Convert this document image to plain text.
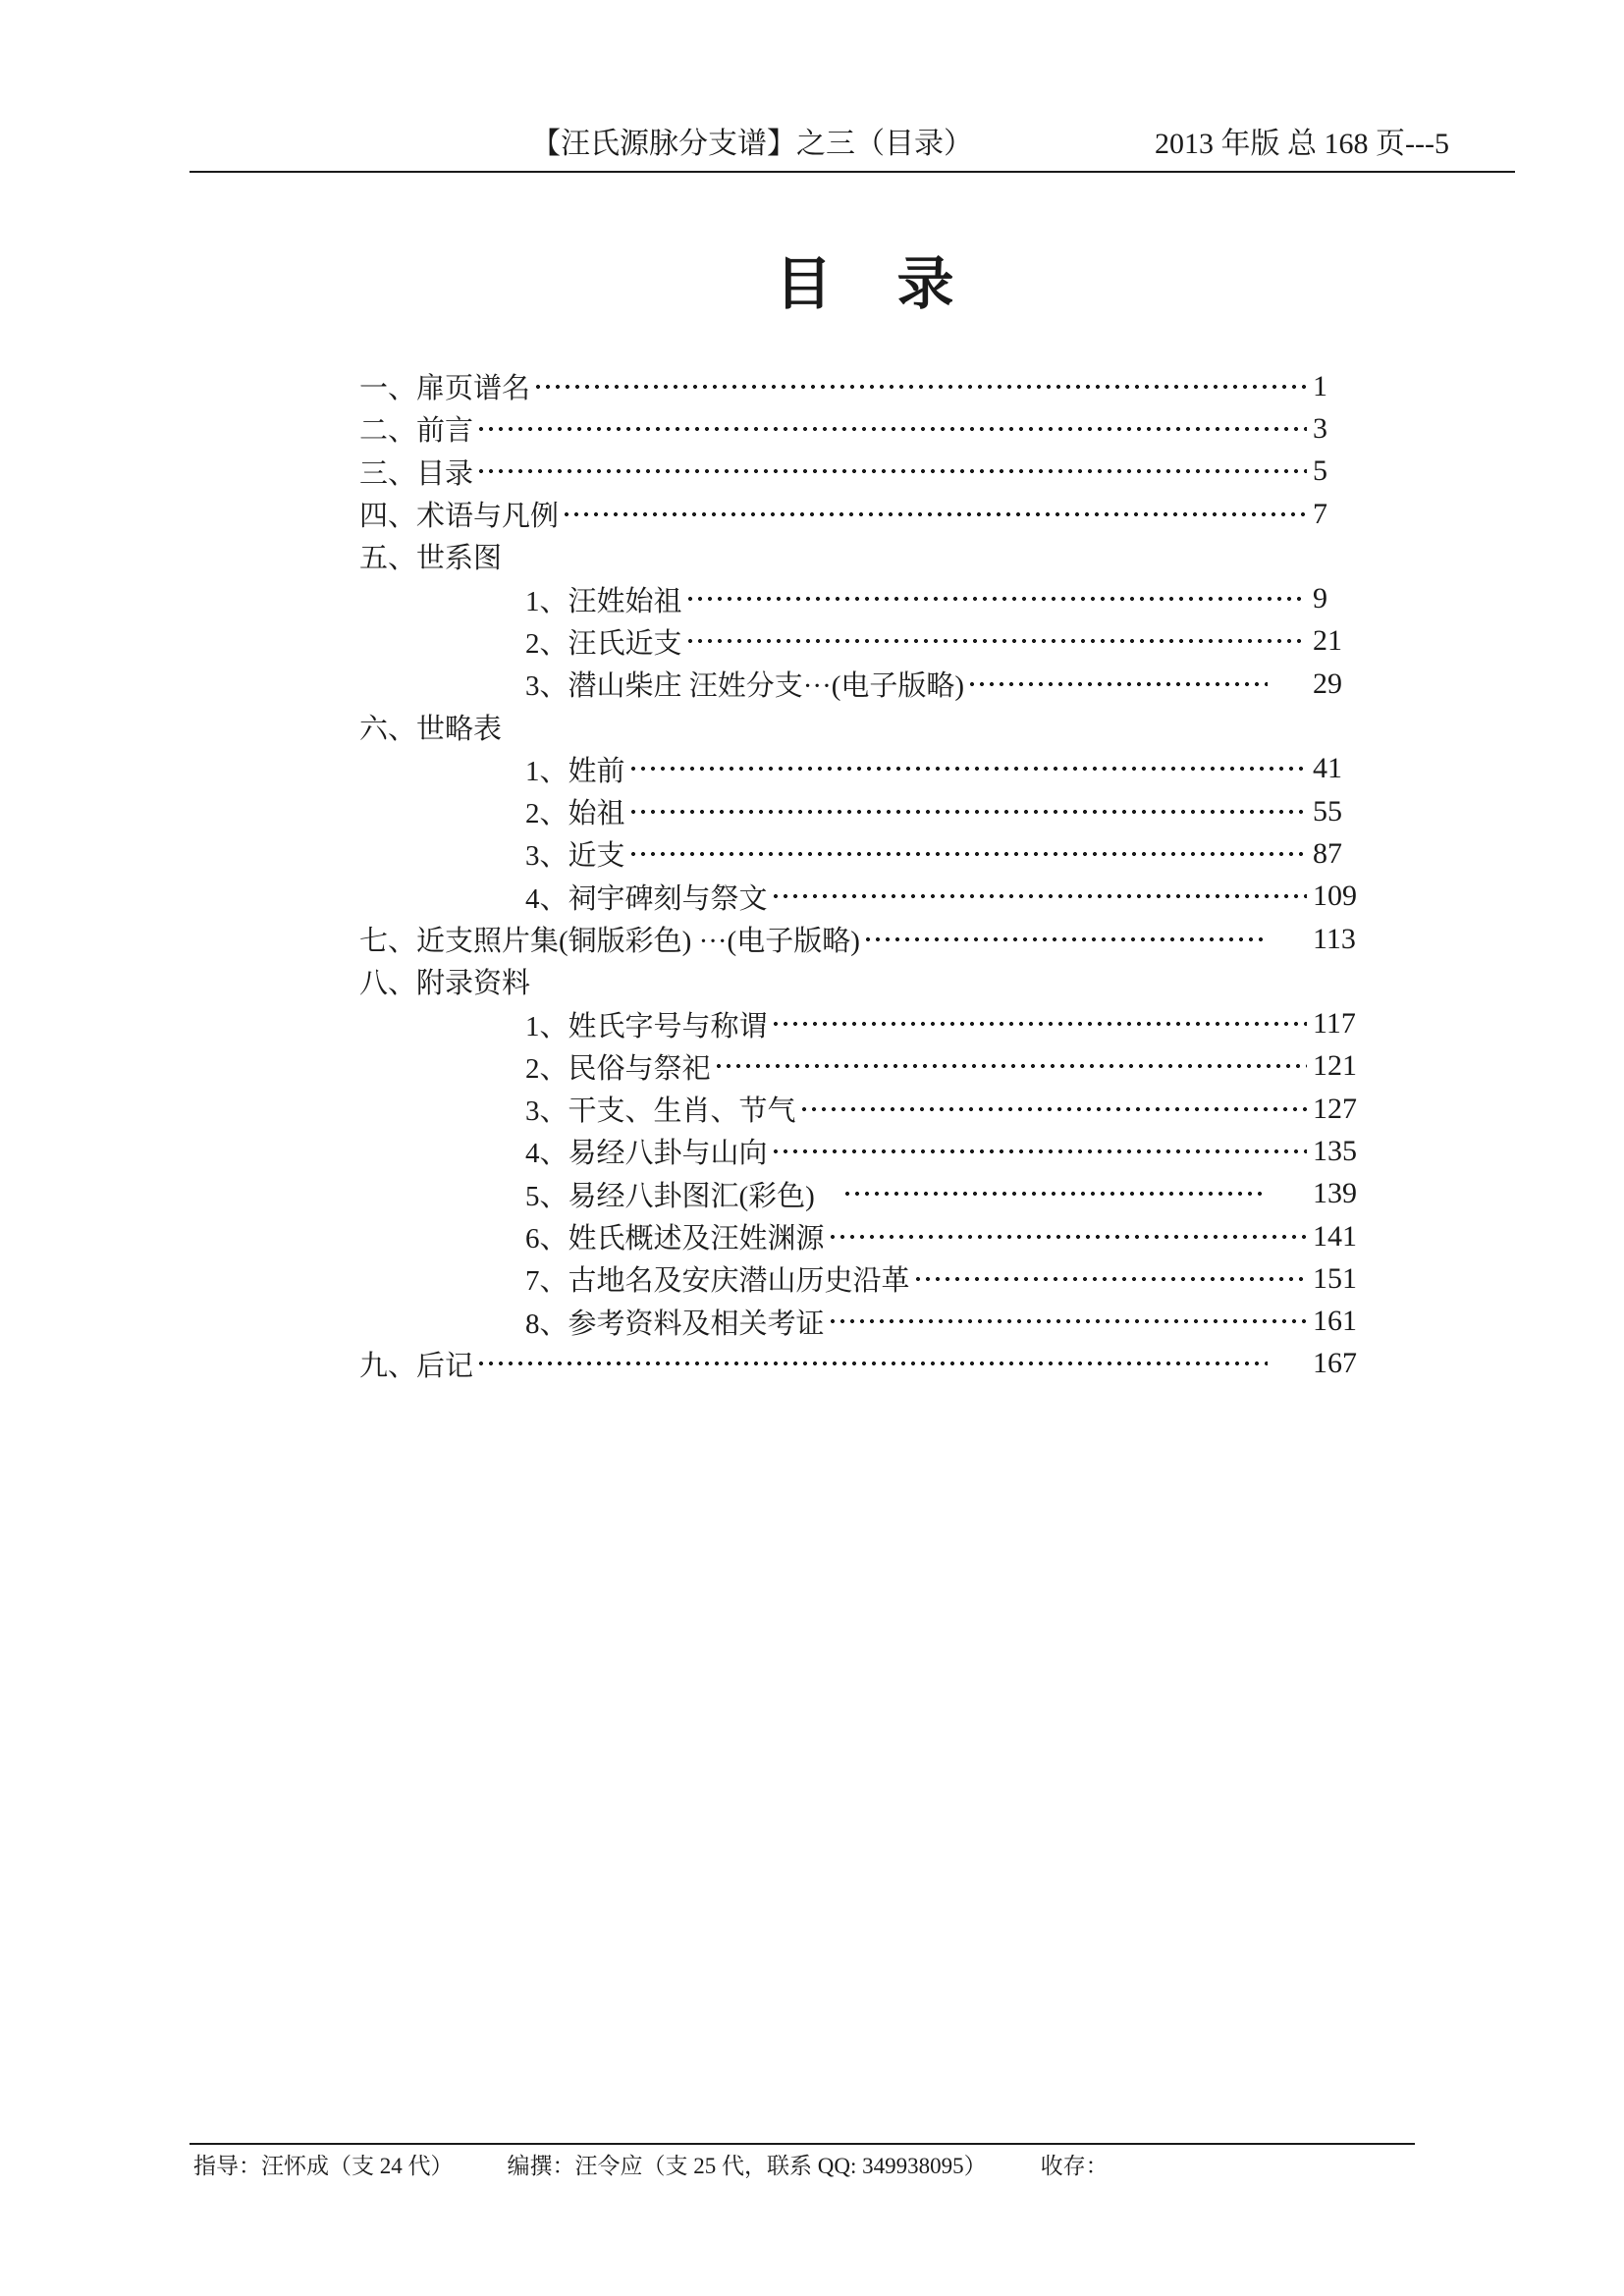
【汪氏源脉分支谱】之三（目录）	2013 年版 总 168 页---5
目　录
一、扉页谱名	1
二、前言	3
三、目录	5
四、术语与凡例	7
五、世系图
1、汪姓始祖	9
2、汪氏近支	21
3、潜山柴庄 汪姓分支···(电子版略)	29
六、世略表
1、姓前	41
2、始祖	55
3、近支	87
4、祠宇碑刻与祭文	109
七、近支照片集(铜版彩色) ···(电子版略)	113
八、附录资料
1、姓氏字号与称谓	117
2、民俗与祭祀	121
3、干支、生肖、节气	127
4、易经八卦与山向	135
5、易经八卦图汇(彩色)	139
6、姓氏概述及汪姓渊源	141
7、古地名及安庆潜山历史沿革	151
8、参考资料及相关考证	161
九、后记	167
指导：汪怀成（支 24 代） 编撰：汪令应（支 25 代，联系 QQ: 349938095） 收存：
